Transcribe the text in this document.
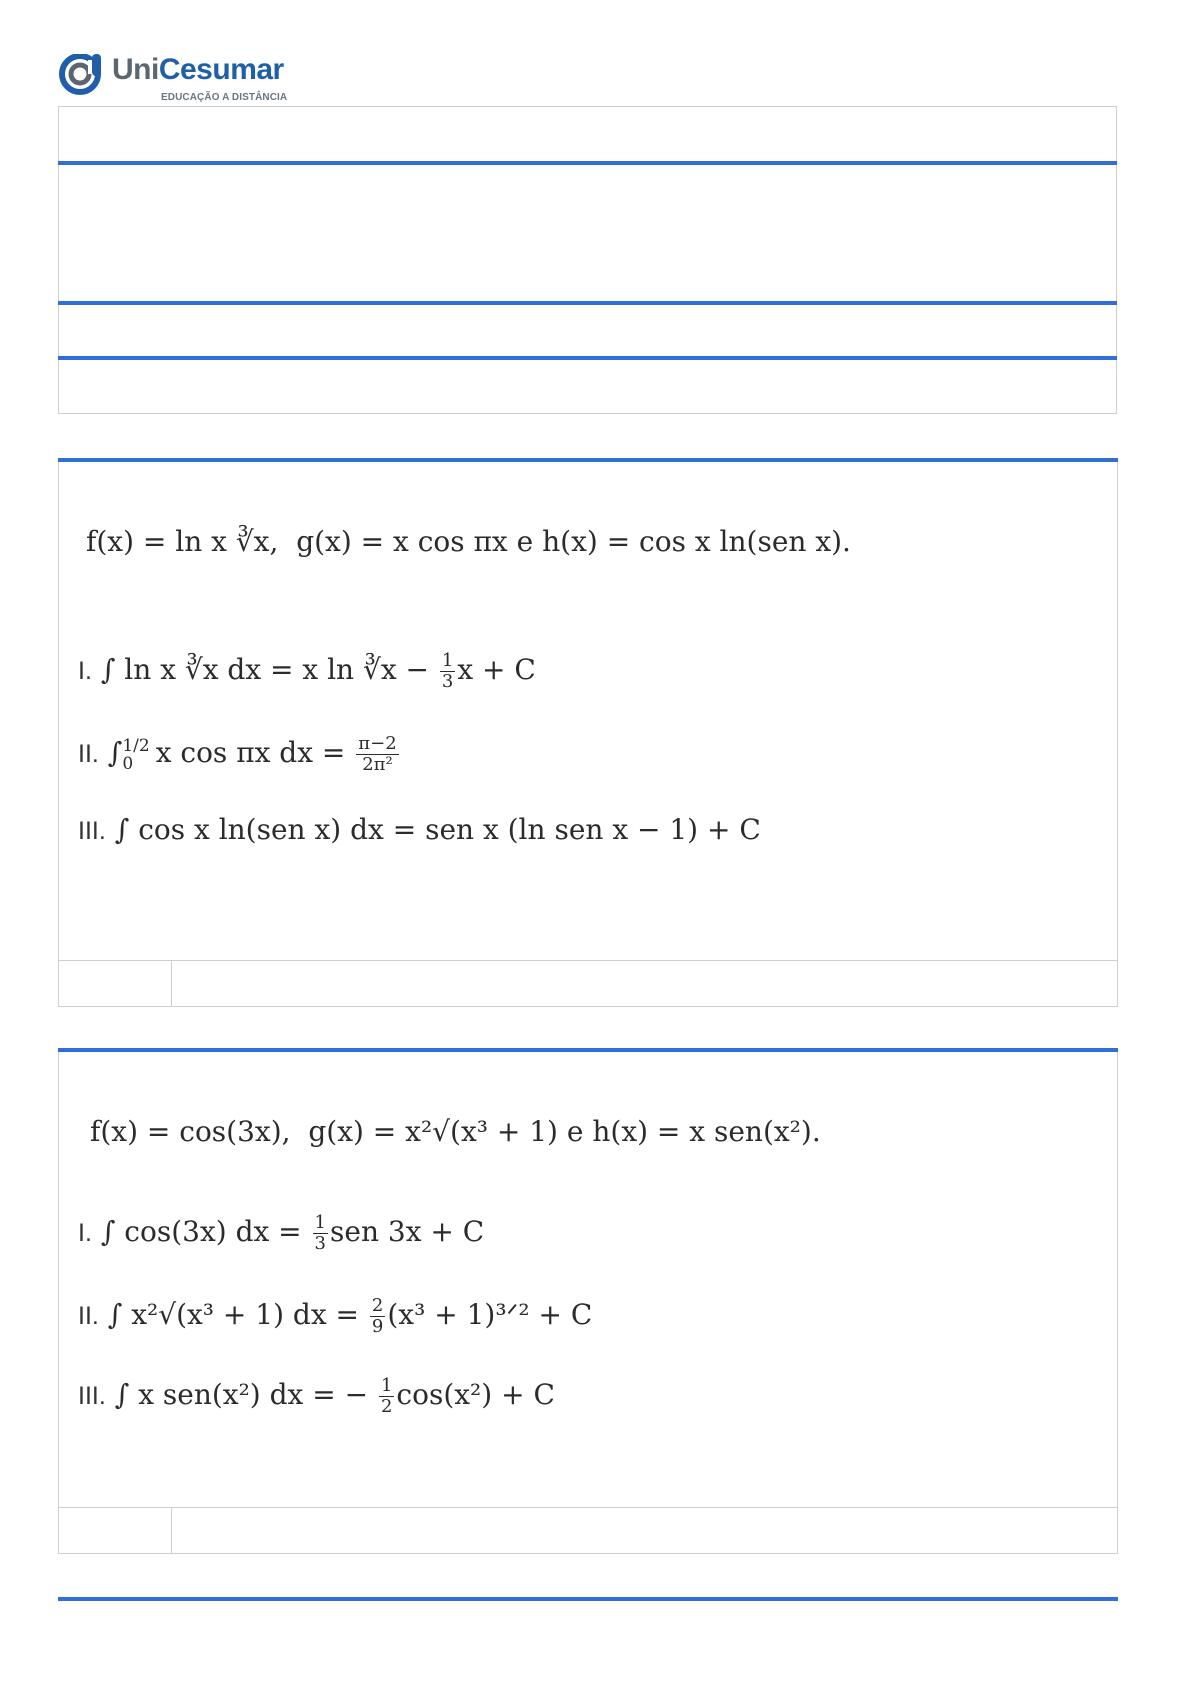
UniCesumar
EDUCAÇÃO A DISTÂNCIA
f(x) = ln x ∛x, g(x) = x cos πx e h(x) = cos x ln(sen x).
I. ∫ ln x ∛x dx = x ln ∛x − $\frac{1}{3}$ x + C
II. ∫ 1/2
0 x cos πx dx = $\frac{\pi-2}{\text{2π²}}$
III. ∫ cos x ln(sen x) dx = sen x (ln sen x − 1) + C
f(x) = cos(3x), g(x) = x²√(x³ + 1) e h(x) = x sen(x²).
I. ∫ cos(3x) dx = $\frac{1}{3}$ sen 3x + C
II. ∫ x²√(x³ + 1) dx = $\frac{2}{9} (x^3$ + 1)³ᐟ² + C
III. ∫ x sen(x²) dx = − $\frac{1}{2} \cos(x^2) + C$
